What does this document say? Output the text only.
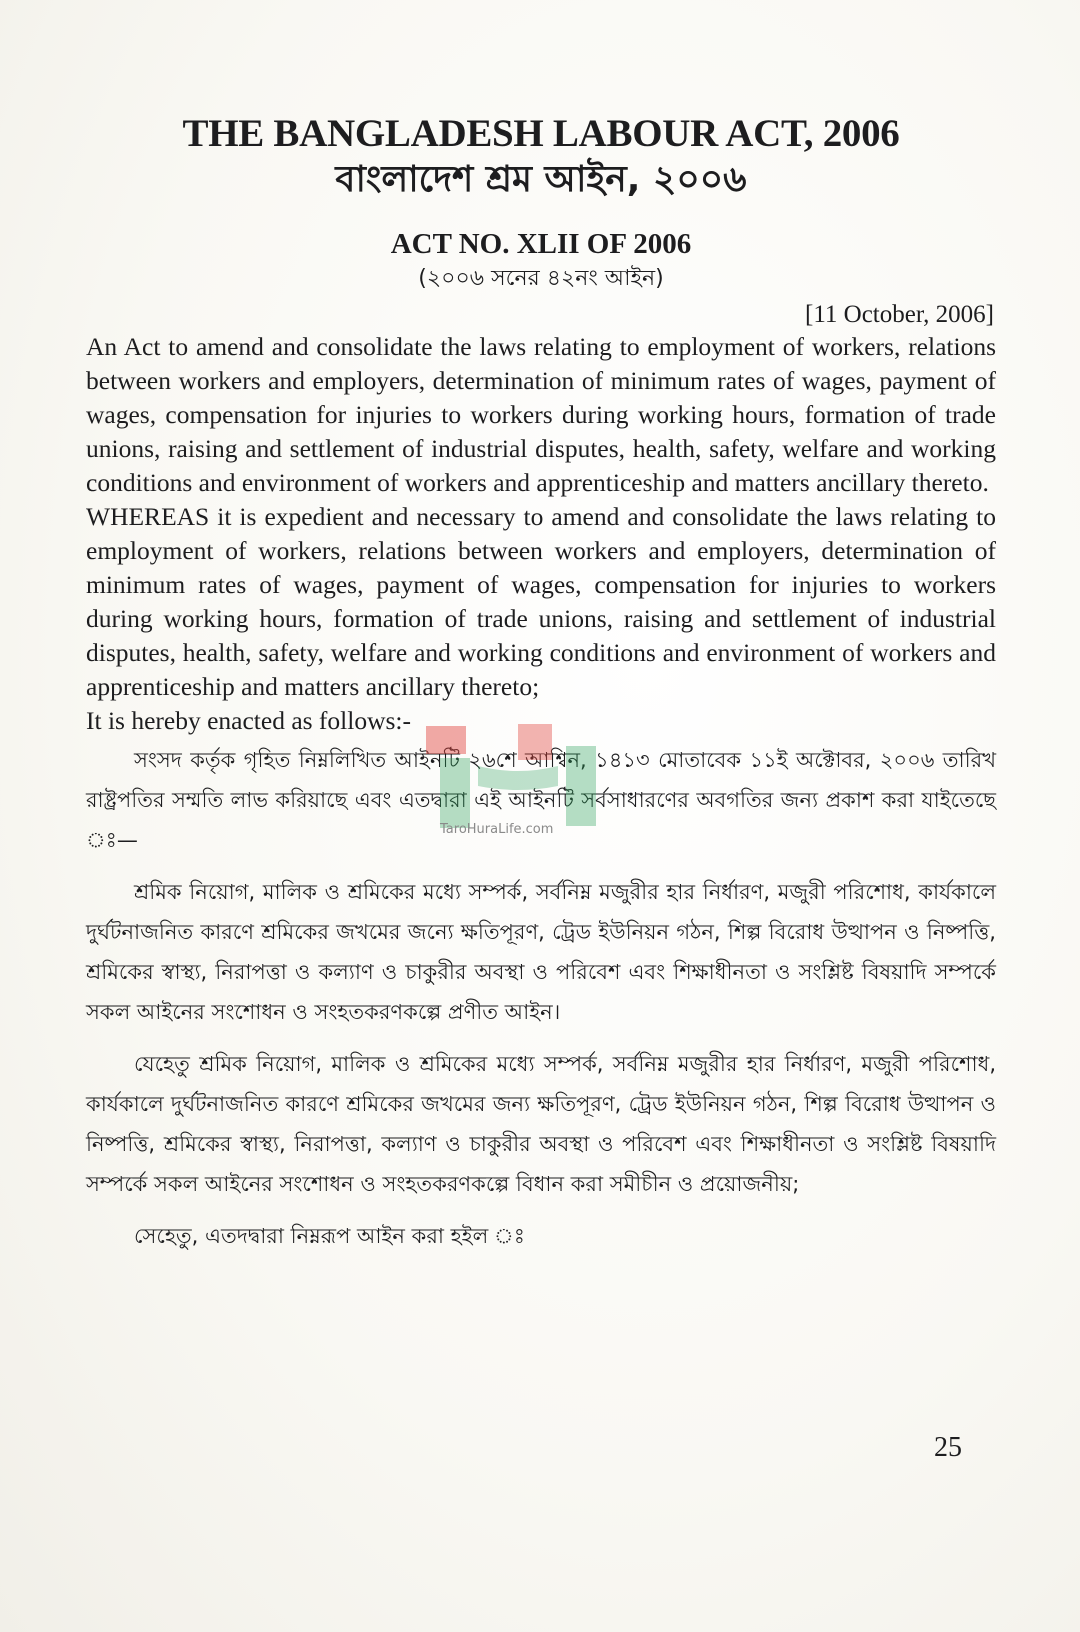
THE BANGLADESH LABOUR ACT, 2006
বাংলাদেশ শ্রম আইন, ২০০৬
ACT NO. XLII OF 2006
(২০০৬ সনের ৪২নং আইন)
[11 October, 2006]

An Act to amend and consolidate the laws relating to employment of workers, relations between workers and employers, determination of minimum rates of wages, payment of wages, compensation for injuries to workers during working hours, formation of trade unions, raising and settlement of industrial disputes, health, safety, welfare and working conditions and environment of workers and apprenticeship and matters ancillary thereto.

WHEREAS it is expedient and necessary to amend and consolidate the laws relating to employment of workers, relations between workers and employers, determination of minimum rates of wages, payment of wages, compensation for injuries to workers during working hours, formation of trade unions, raising and settlement of industrial disputes, health, safety, welfare and working conditions and environment of workers and apprenticeship and matters ancillary thereto;

It is hereby enacted as follows:-

সংসদ কর্তৃক গৃহিত নিম্নলিখিত আইনটি ২৬শে আশ্বিন, ১৪১৩ মোতাবেক ১১ই অক্টোবর, ২০০৬ তারিখ রাষ্ট্রপতির সম্মতি লাভ করিয়াছে এবং এতদ্বারা এই আইনটি সর্বসাধারণের অবগতির জন্য প্রকাশ করা যাইতেছে ঃ—

শ্রমিক নিয়োগ, মালিক ও শ্রমিকের মধ্যে সম্পর্ক, সর্বনিম্ন মজুরীর হার নির্ধারণ, মজুরী পরিশোধ, কার্যকালে দুর্ঘটনাজনিত কারণে শ্রমিকের জখমের জন্যে ক্ষতিপূরণ, ট্রেড ইউনিয়ন গঠন, শিল্প বিরোধ উত্থাপন ও নিষ্পত্তি, শ্রমিকের স্বাস্থ্য, নিরাপত্তা ও কল্যাণ ও চাকুরীর অবস্থা ও পরিবেশ এবং শিক্ষাধীনতা ও সংশ্লিষ্ট বিষয়াদি সম্পর্কে সকল আইনের সংশোধন ও সংহতকরণকল্পে প্রণীত আইন।

যেহেতু শ্রমিক নিয়োগ, মালিক ও শ্রমিকের মধ্যে সম্পর্ক, সর্বনিম্ন মজুরীর হার নির্ধারণ, মজুরী পরিশোধ, কার্যকালে দুর্ঘটনাজনিত কারণে শ্রমিকের জখমের জন্য ক্ষতিপূরণ, ট্রেড ইউনিয়ন গঠন, শিল্প বিরোধ উত্থাপন ও নিষ্পত্তি, শ্রমিকের স্বাস্থ্য, নিরাপত্তা, কল্যাণ ও চাকুরীর অবস্থা ও পরিবেশ এবং শিক্ষাধীনতা ও সংশ্লিষ্ট বিষয়াদি সম্পর্কে সকল আইনের সংশোধন ও সংহতকরণকল্পে বিধান করা সমীচীন ও প্রয়োজনীয়;

সেহেতু, এতদদ্বারা নিম্নরূপ আইন করা হইল ঃ

TaroHuraLife.com
25
